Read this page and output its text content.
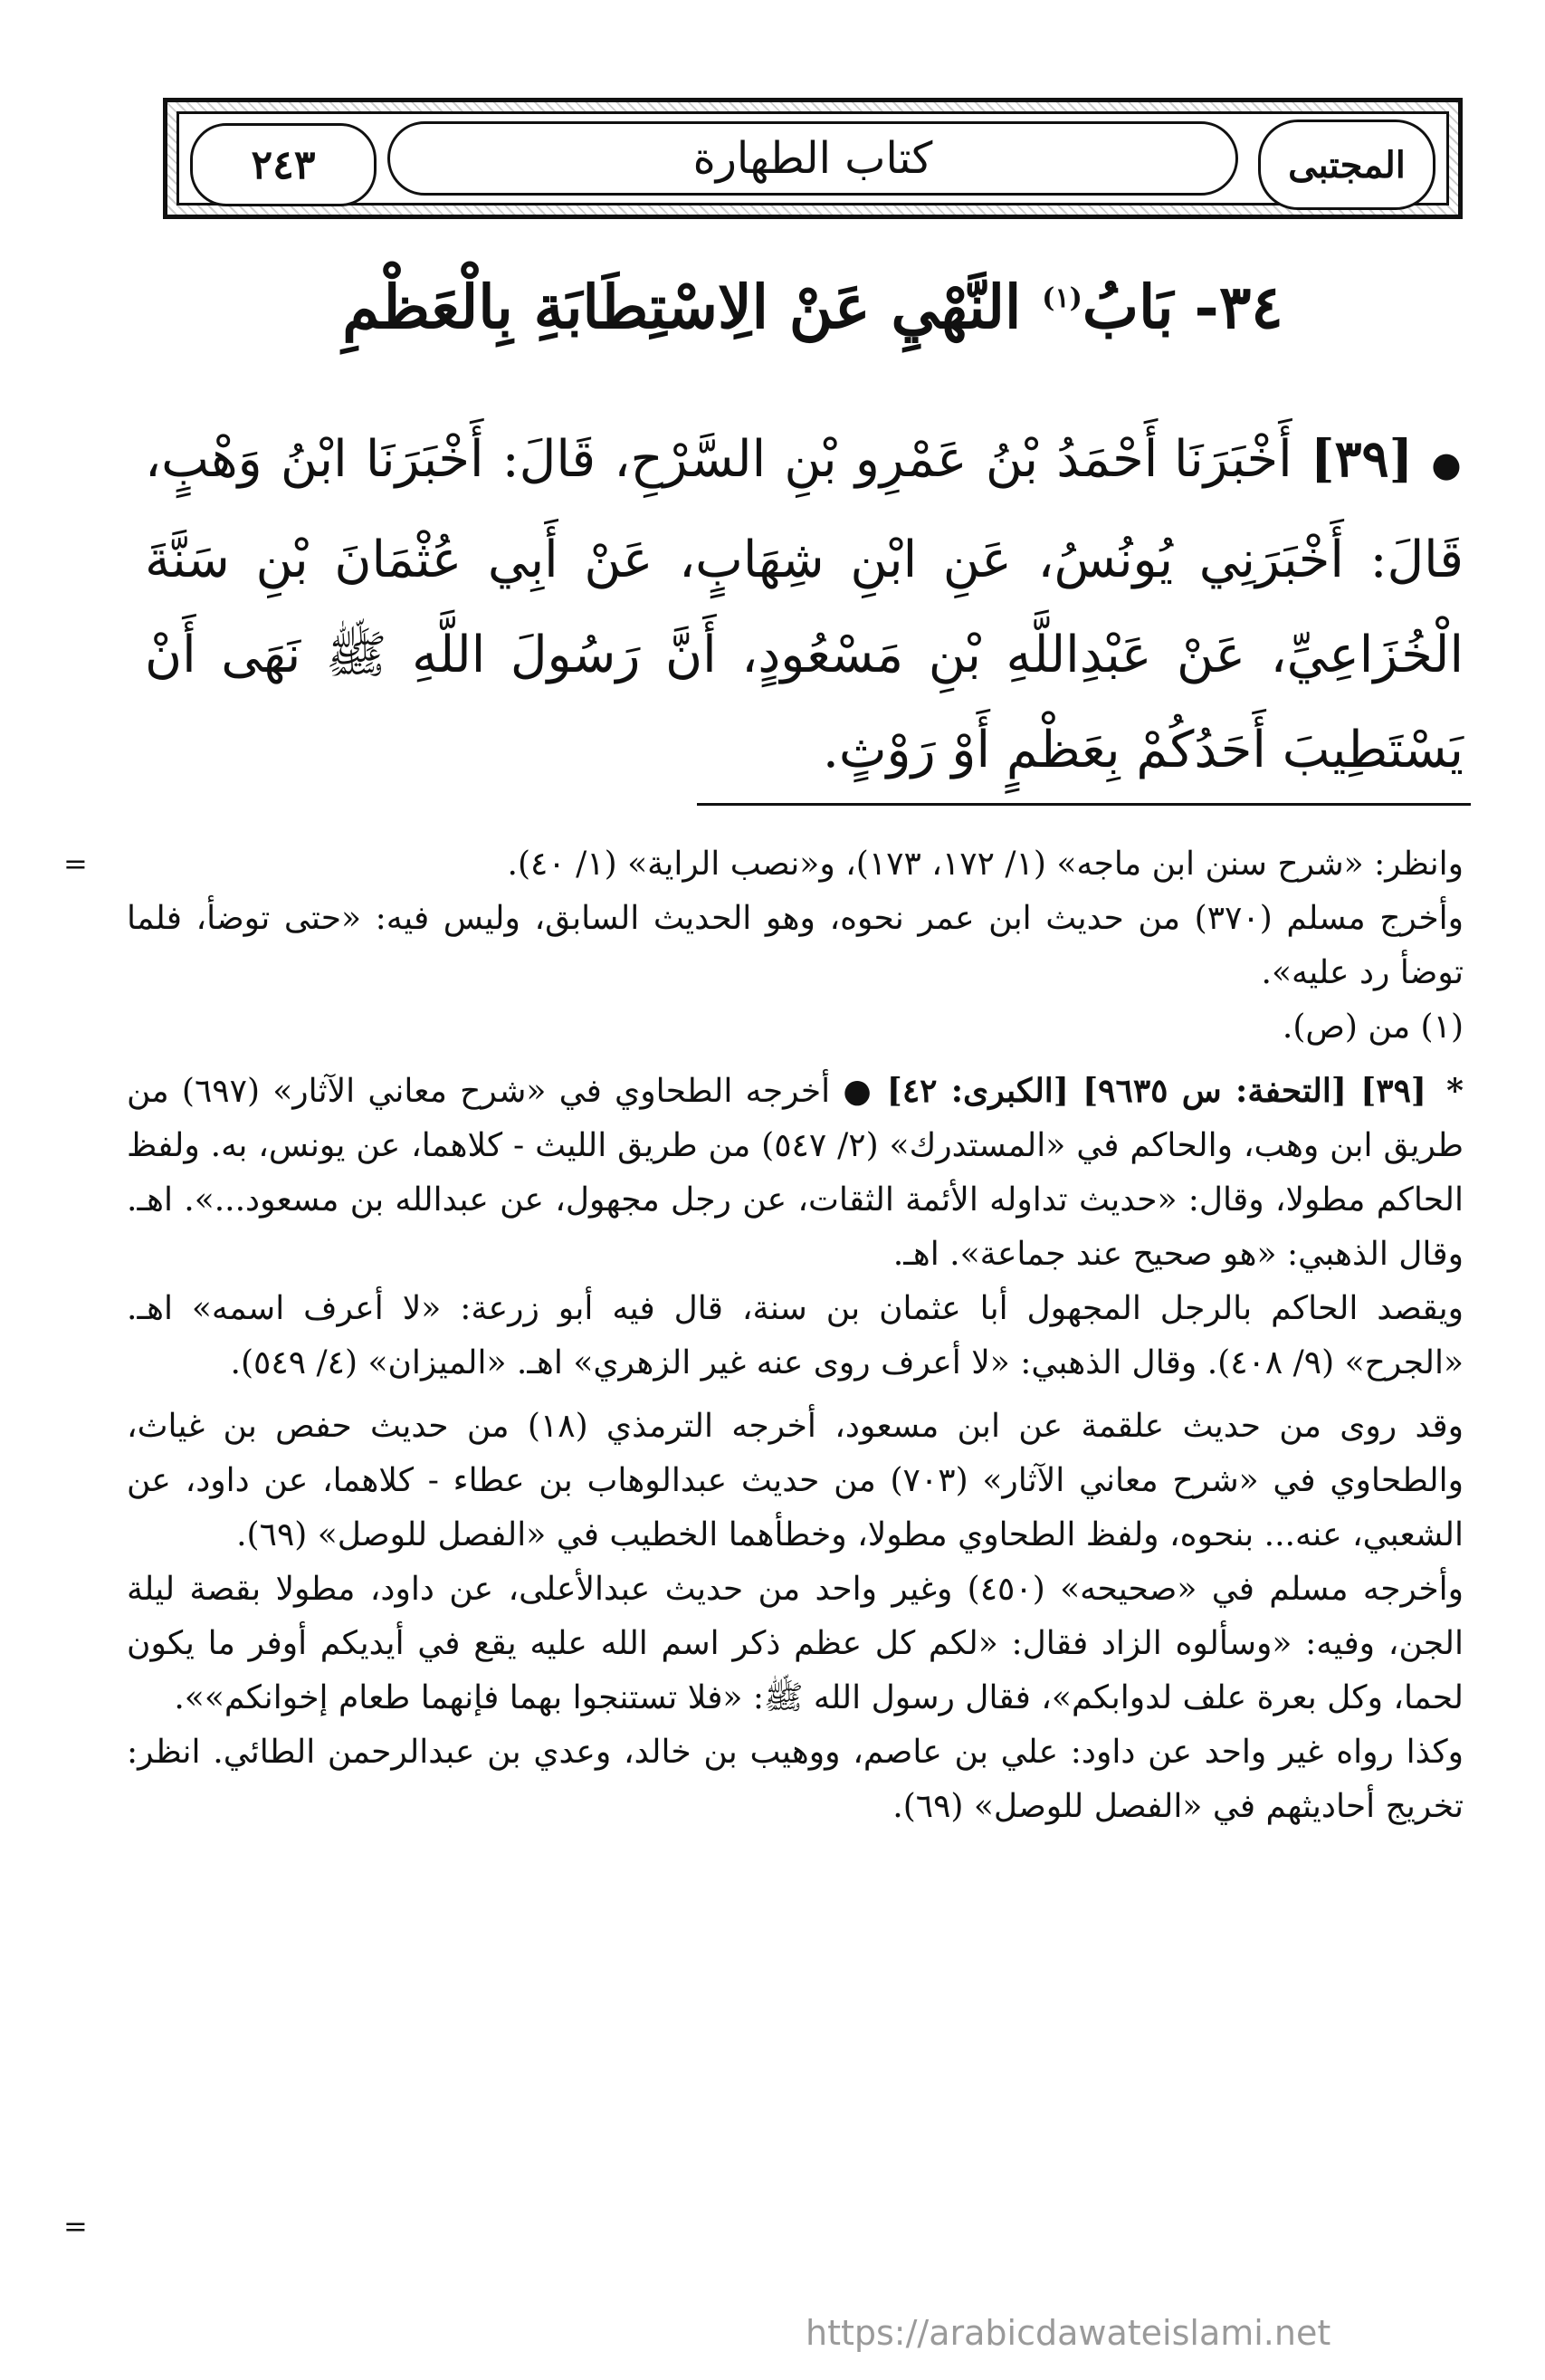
٢٤٣	كتاب الطهارة	المجتبى
٣٤- بَابُ$^{(١)}$ النَّهْيِ عَنْ الِاسْتِطَابَةِ بِالْعَظْمِ
● [٣٩] أَخْبَرَنَا أَحْمَدُ بْنُ عَمْرِو بْنِ السَّرْحِ، قَالَ: أَخْبَرَنَا ابْنُ وَهْبٍ، قَالَ: أَخْبَرَنِي يُونُسُ، عَنِ ابْنِ شِهَابٍ، عَنْ أَبِي عُثْمَانَ بْنِ سَنَّةَ الْخُزَاعِيِّ، عَنْ عَبْدِاللَّهِ بْنِ مَسْعُودٍ، أَنَّ رَسُولَ اللَّهِ ﷺ نَهَى أَنْ يَسْتَطِيبَ أَحَدُكُمْ بِعَظْمٍ أَوْ رَوْثٍ.
=
=

وانظر: «شرح سنن ابن ماجه» (١/ ١٧٢، ١٧٣)، و«نصب الراية» (١/ ٤٠).

وأخرج مسلم (٣٧٠) من حديث ابن عمر نحوه، وهو الحديث السابق، وليس فيه: «حتى توضأ، فلما توضأ رد عليه».

(١) من (ص).

* [٣٩] [التحفة: س ٩٦٣٥] [الكبرى: ٤٢] ● أخرجه الطحاوي في «شرح معاني الآثار» (٦٩٧) من طريق ابن وهب، والحاكم في «المستدرك» (٢/ ٥٤٧) من طريق الليث - كلاهما، عن يونس، به. ولفظ الحاكم مطولا، وقال: «حديث تداوله الأئمة الثقات، عن رجل مجهول، عن عبدالله بن مسعود...». اهـ. وقال الذهبي: «هو صحيح عند جماعة». اهـ.

ويقصد الحاكم بالرجل المجهول أبا عثمان بن سنة، قال فيه أبو زرعة: «لا أعرف اسمه» اهـ. «الجرح» (٩/ ٤٠٨). وقال الذهبي: «لا أعرف روى عنه غير الزهري» اهـ. «الميزان» (٤/ ٥٤٩).

وقد روى من حديث علقمة عن ابن مسعود، أخرجه الترمذي (١٨) من حديث حفص بن غياث، والطحاوي في «شرح معاني الآثار» (٧٠٣) من حديث عبدالوهاب بن عطاء - كلاهما، عن داود، عن الشعبي، عنه... بنحوه، ولفظ الطحاوي مطولا، وخطأهما الخطيب في «الفصل للوصل» (٦٩).

وأخرجه مسلم في «صحيحه» (٤٥٠) وغير واحد من حديث عبدالأعلى، عن داود، مطولا بقصة ليلة الجن، وفيه: «وسألوه الزاد فقال: «لكم كل عظم ذكر اسم الله عليه يقع في أيديكم أوفر ما يكون لحما، وكل بعرة علف لدوابكم»، فقال رسول الله ﷺ: «فلا تستنجوا بهما فإنهما طعام إخوانكم»».

وكذا رواه غير واحد عن داود: علي بن عاصم، ووهيب بن خالد، وعدي بن عبدالرحمن الطائي. انظر: تخريج أحاديثهم في «الفصل للوصل» (٦٩).

https://arabicdawateislami.net
